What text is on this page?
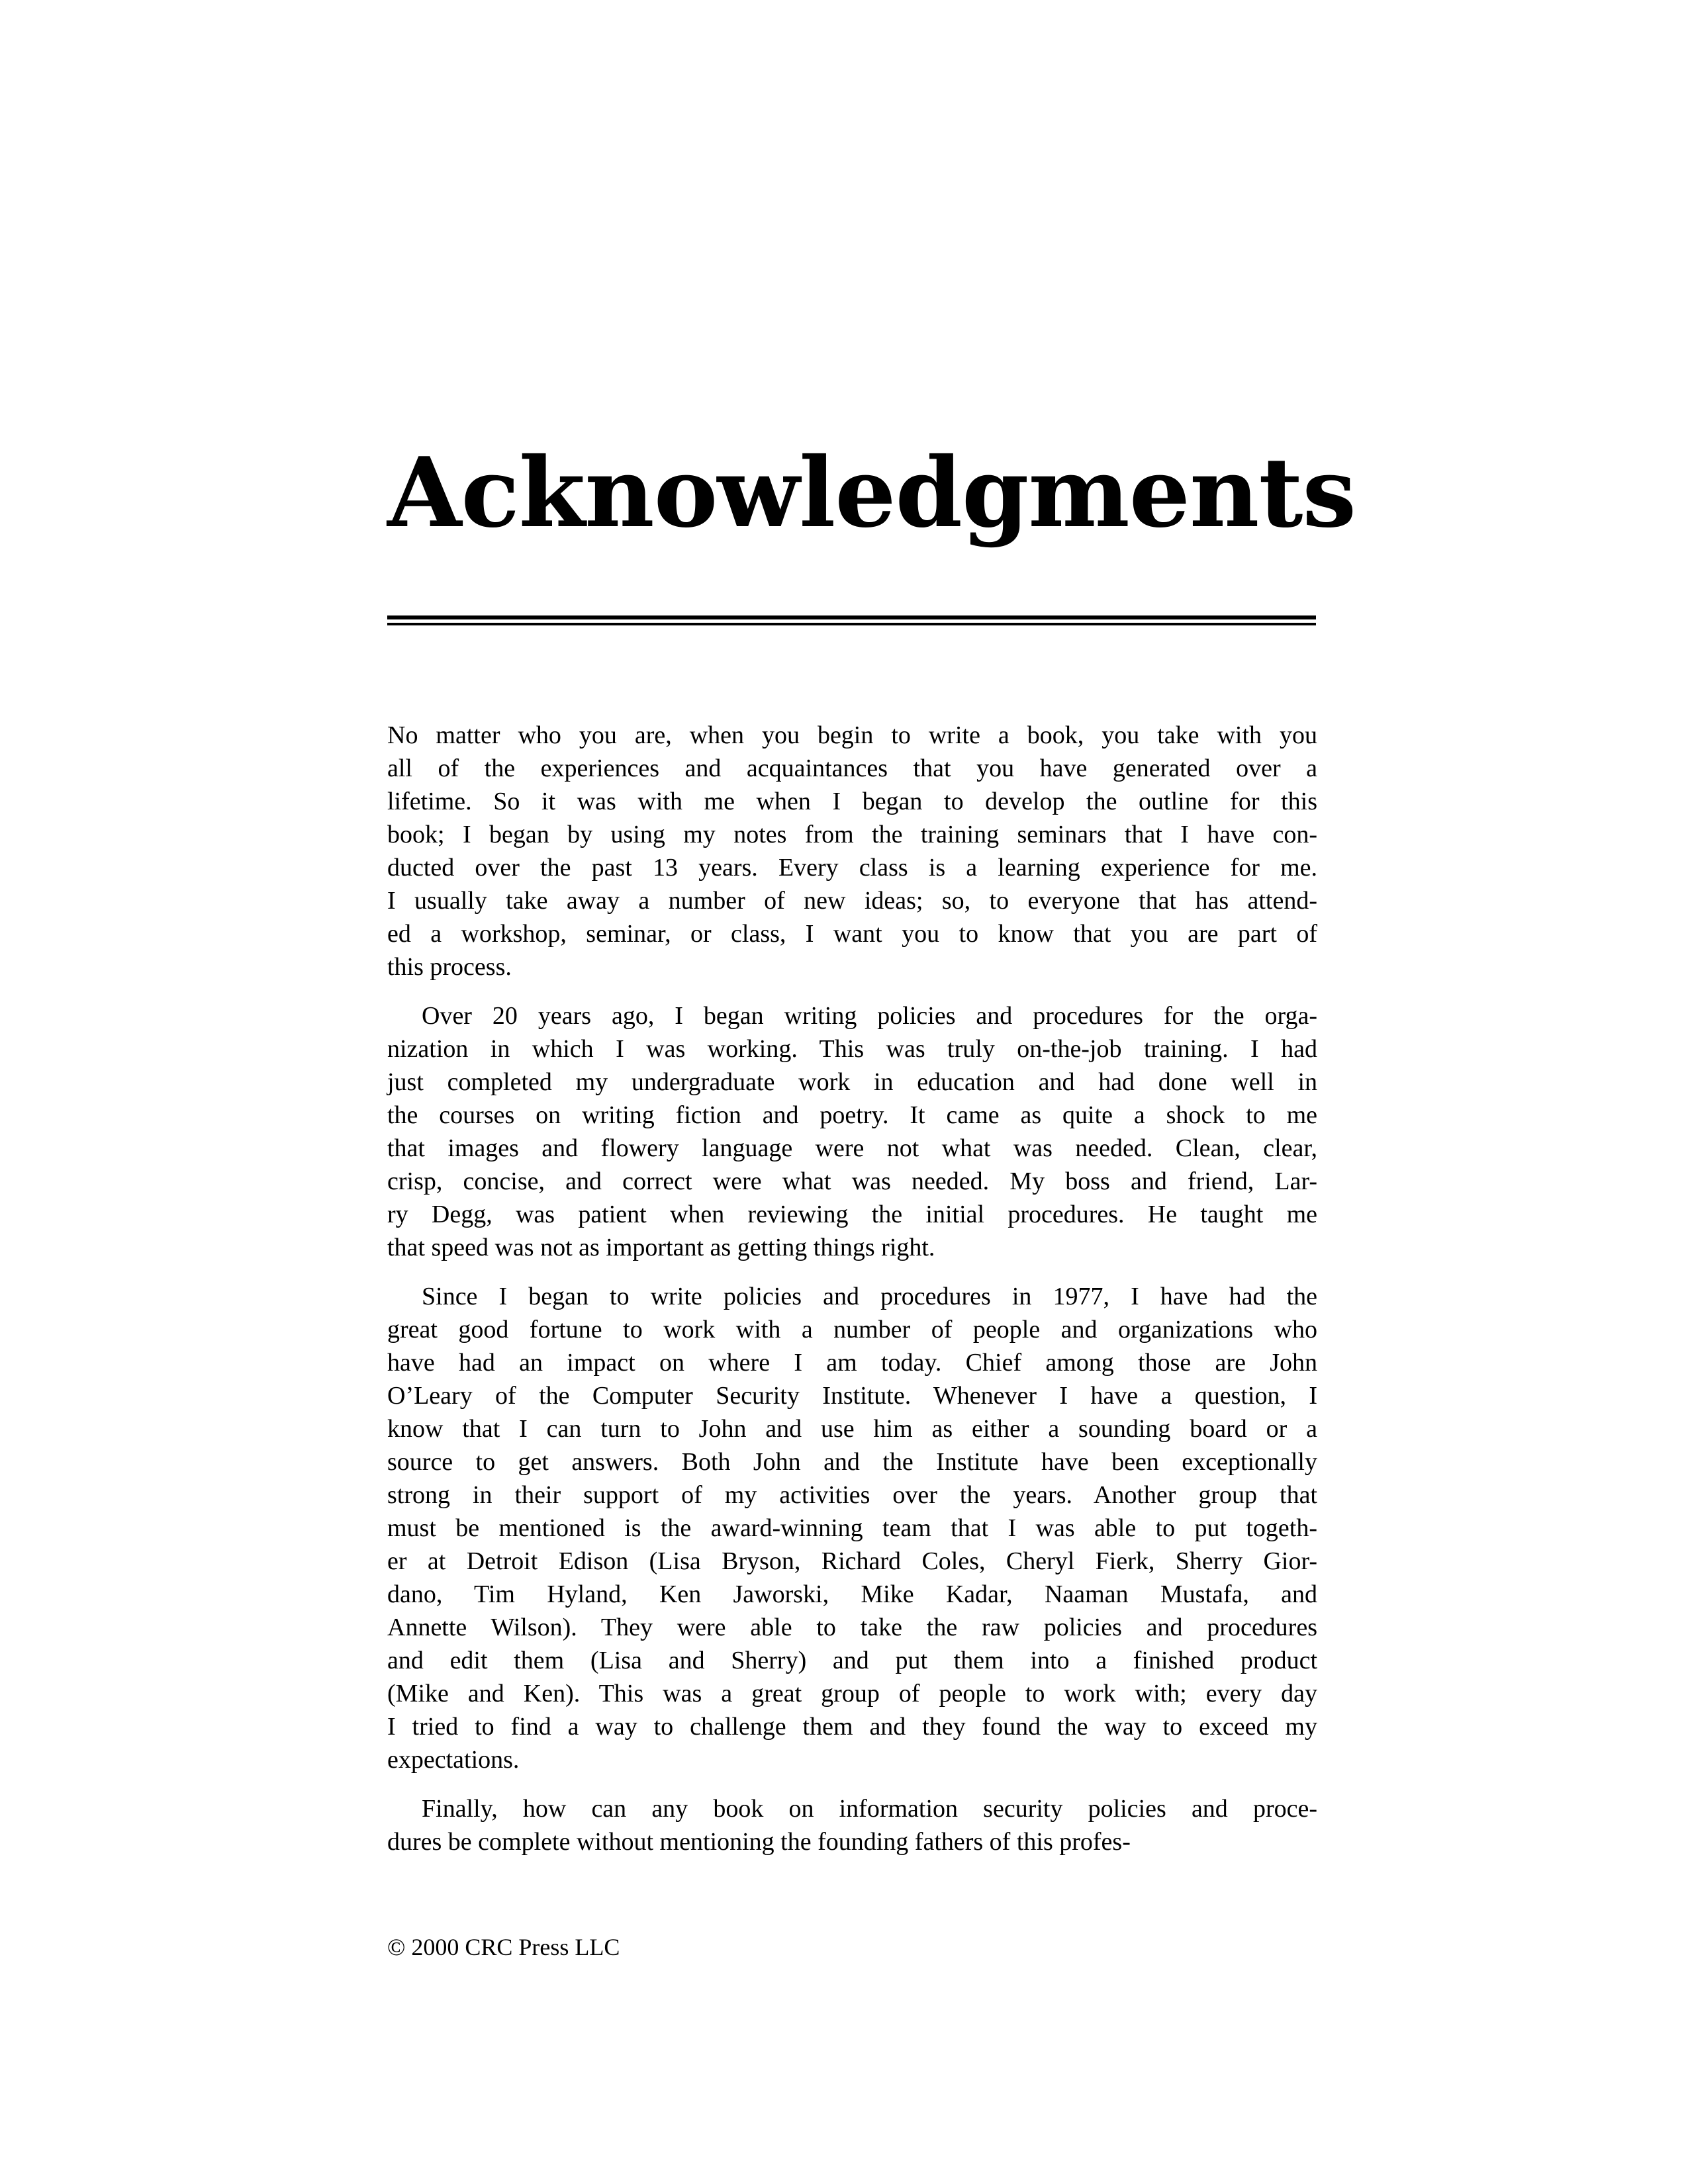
Acknowledgments
No matter who you are, when you begin to write a book, you take with you
all of the experiences and acquaintances that you have generated over a
lifetime. So it was with me when I began to develop the outline for this
book; I began by using my notes from the training seminars that I have con-
ducted over the past 13 years. Every class is a learning experience for me.
I usually take away a number of new ideas; so, to everyone that has attend-
ed a workshop, seminar, or class, I want you to know that you are part of
this process.
Over 20 years ago, I began writing policies and procedures for the orga-
nization in which I was working. This was truly on-the-job training. I had
just completed my undergraduate work in education and had done well in
the courses on writing fiction and poetry. It came as quite a shock to me
that images and flowery language were not what was needed. Clean, clear,
crisp, concise, and correct were what was needed. My boss and friend, Lar-
ry Degg, was patient when reviewing the initial procedures. He taught me
that speed was not as important as getting things right.
Since I began to write policies and procedures in 1977, I have had the
great good fortune to work with a number of people and organizations who
have had an impact on where I am today. Chief among those are John
O’Leary of the Computer Security Institute. Whenever I have a question, I
know that I can turn to John and use him as either a sounding board or a
source to get answers. Both John and the Institute have been exceptionally
strong in their support of my activities over the years. Another group that
must be mentioned is the award-winning team that I was able to put togeth-
er at Detroit Edison (Lisa Bryson, Richard Coles, Cheryl Fierk, Sherry Gior-
dano, Tim Hyland, Ken Jaworski, Mike Kadar, Naaman Mustafa, and
Annette Wilson). They were able to take the raw policies and procedures
and edit them (Lisa and Sherry) and put them into a finished product
(Mike and Ken). This was a great group of people to work with; every day
I tried to find a way to challenge them and they found the way to exceed my
expectations.
Finally, how can any book on information security policies and proce-
dures be complete without mentioning the founding fathers of this profes-
© 2000 CRC Press LLC
